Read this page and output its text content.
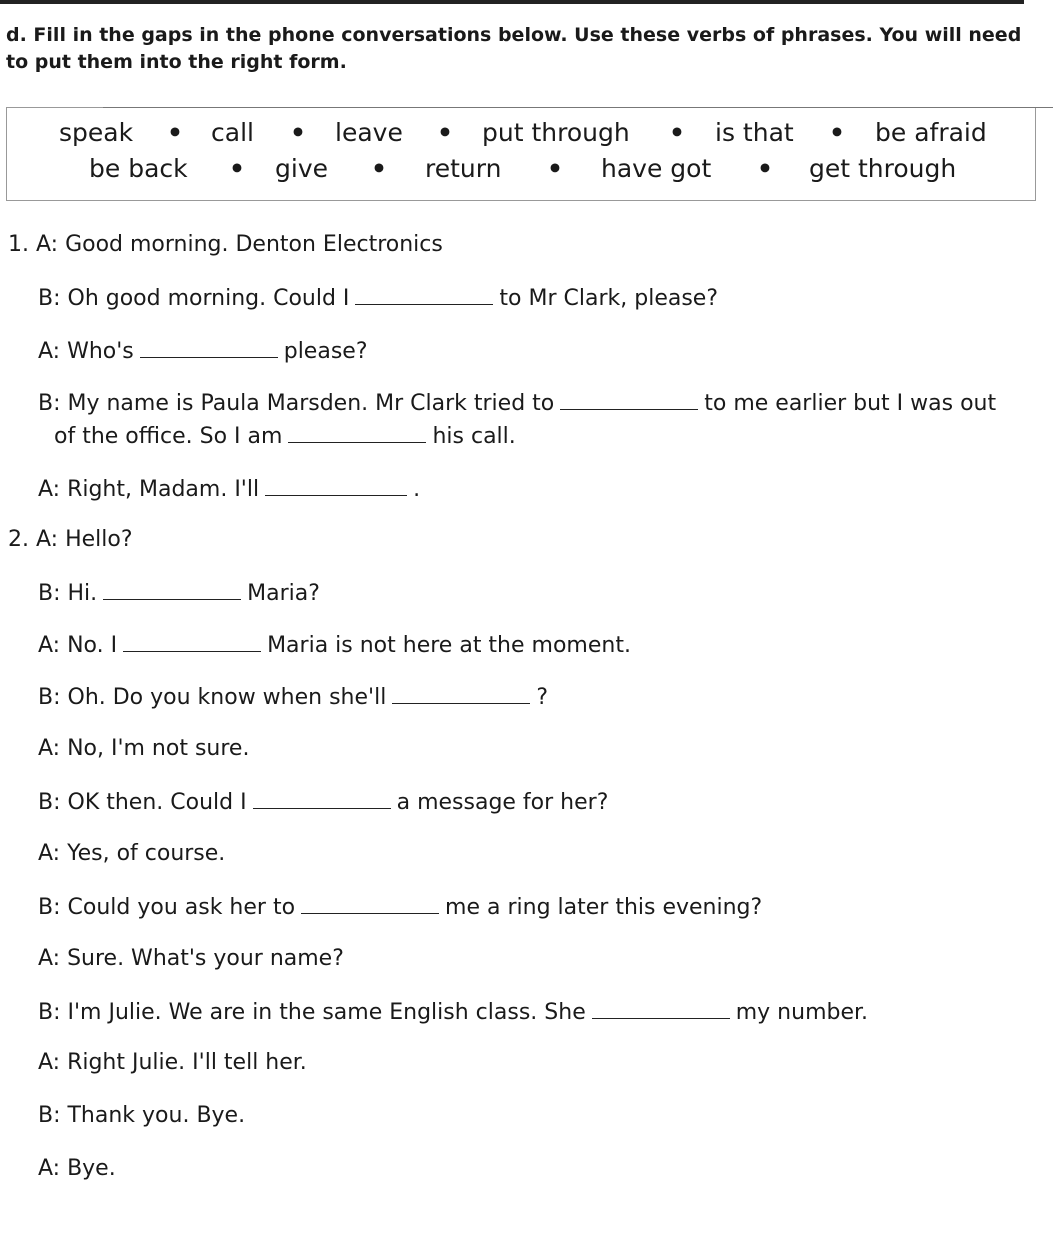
d. Fill in the gaps in the phone conversations below. Use these verbs of phrases. You will need to put them into the right form.
speak • call • leave • put through • is that • be afraid
be back • give • return • have got • get through
1. A: Good morning. Denton Electronics
B: Oh good morning. Could I	to Mr Clark, please?
A: Who's	please?
B: My name is Paula Marsden. Mr Clark tried to	to me earlier but I was out
of the office. So I am	his call.
A: Right, Madam. I'll	.
2. A: Hello?
B: Hi.	Maria?
A: No. I	Maria is not here at the moment.
B: Oh. Do you know when she'll	?
A: No, I'm not sure.
B: OK then. Could I	a message for her?
A: Yes, of course.
B: Could you ask her to	me a ring later this evening?
A: Sure. What's your name?
B: I'm Julie. We are in the same English class. She	my number.
A: Right Julie. I'll tell her.
B: Thank you. Bye.
A: Bye.
